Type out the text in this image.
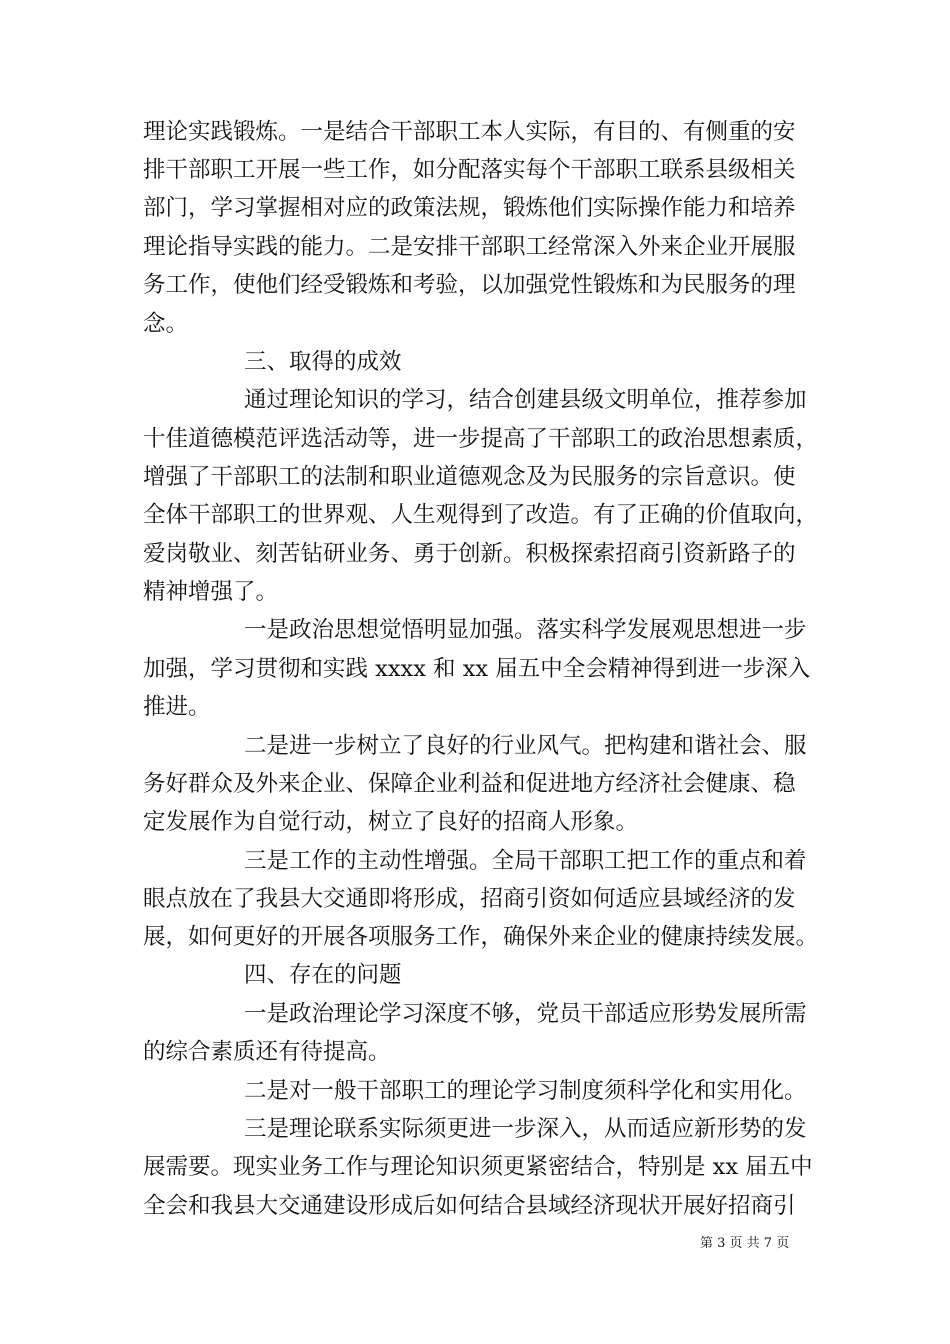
理论实践锻炼。一是结合干部职工本人实际，有目的、有侧重的安
排干部职工开展一些工作，如分配落实每个干部职工联系县级相关
部门，学习掌握相对应的政策法规，锻炼他们实际操作能力和培养
理论指导实践的能力。二是安排干部职工经常深入外来企业开展服
务工作，使他们经受锻炼和考验，以加强党性锻炼和为民服务的理
念。
三、取得的成效
通过理论知识的学习，结合创建县级文明单位，推荐参加
十佳道德模范评选活动等，进一步提高了干部职工的政治思想素质，
增强了干部职工的法制和职业道德观念及为民服务的宗旨意识。使
全体干部职工的世界观、人生观得到了改造。有了正确的价值取向，
爱岗敬业、刻苦钻研业务、勇于创新。积极探索招商引资新路子的
精神增强了。
一是政治思想觉悟明显加强。落实科学发展观思想进一步
加强，学习贯彻和实践 xxxx 和 xx 届五中全会精神得到进一步深入
推进。
二是进一步树立了良好的行业风气。把构建和谐社会、服
务好群众及外来企业、保障企业利益和促进地方经济社会健康、稳
定发展作为自觉行动，树立了良好的招商人形象。
三是工作的主动性增强。全局干部职工把工作的重点和着
眼点放在了我县大交通即将形成，招商引资如何适应县域经济的发
展，如何更好的开展各项服务工作，确保外来企业的健康持续发展。
四、存在的问题
一是政治理论学习深度不够，党员干部适应形势发展所需
的综合素质还有待提高。
二是对一般干部职工的理论学习制度须科学化和实用化。
三是理论联系实际须更进一步深入，从而适应新形势的发
展需要。现实业务工作与理论知识须更紧密结合，特别是 xx 届五中
全会和我县大交通建设形成后如何结合县域经济现状开展好招商引
第 3 页 共 7 页
